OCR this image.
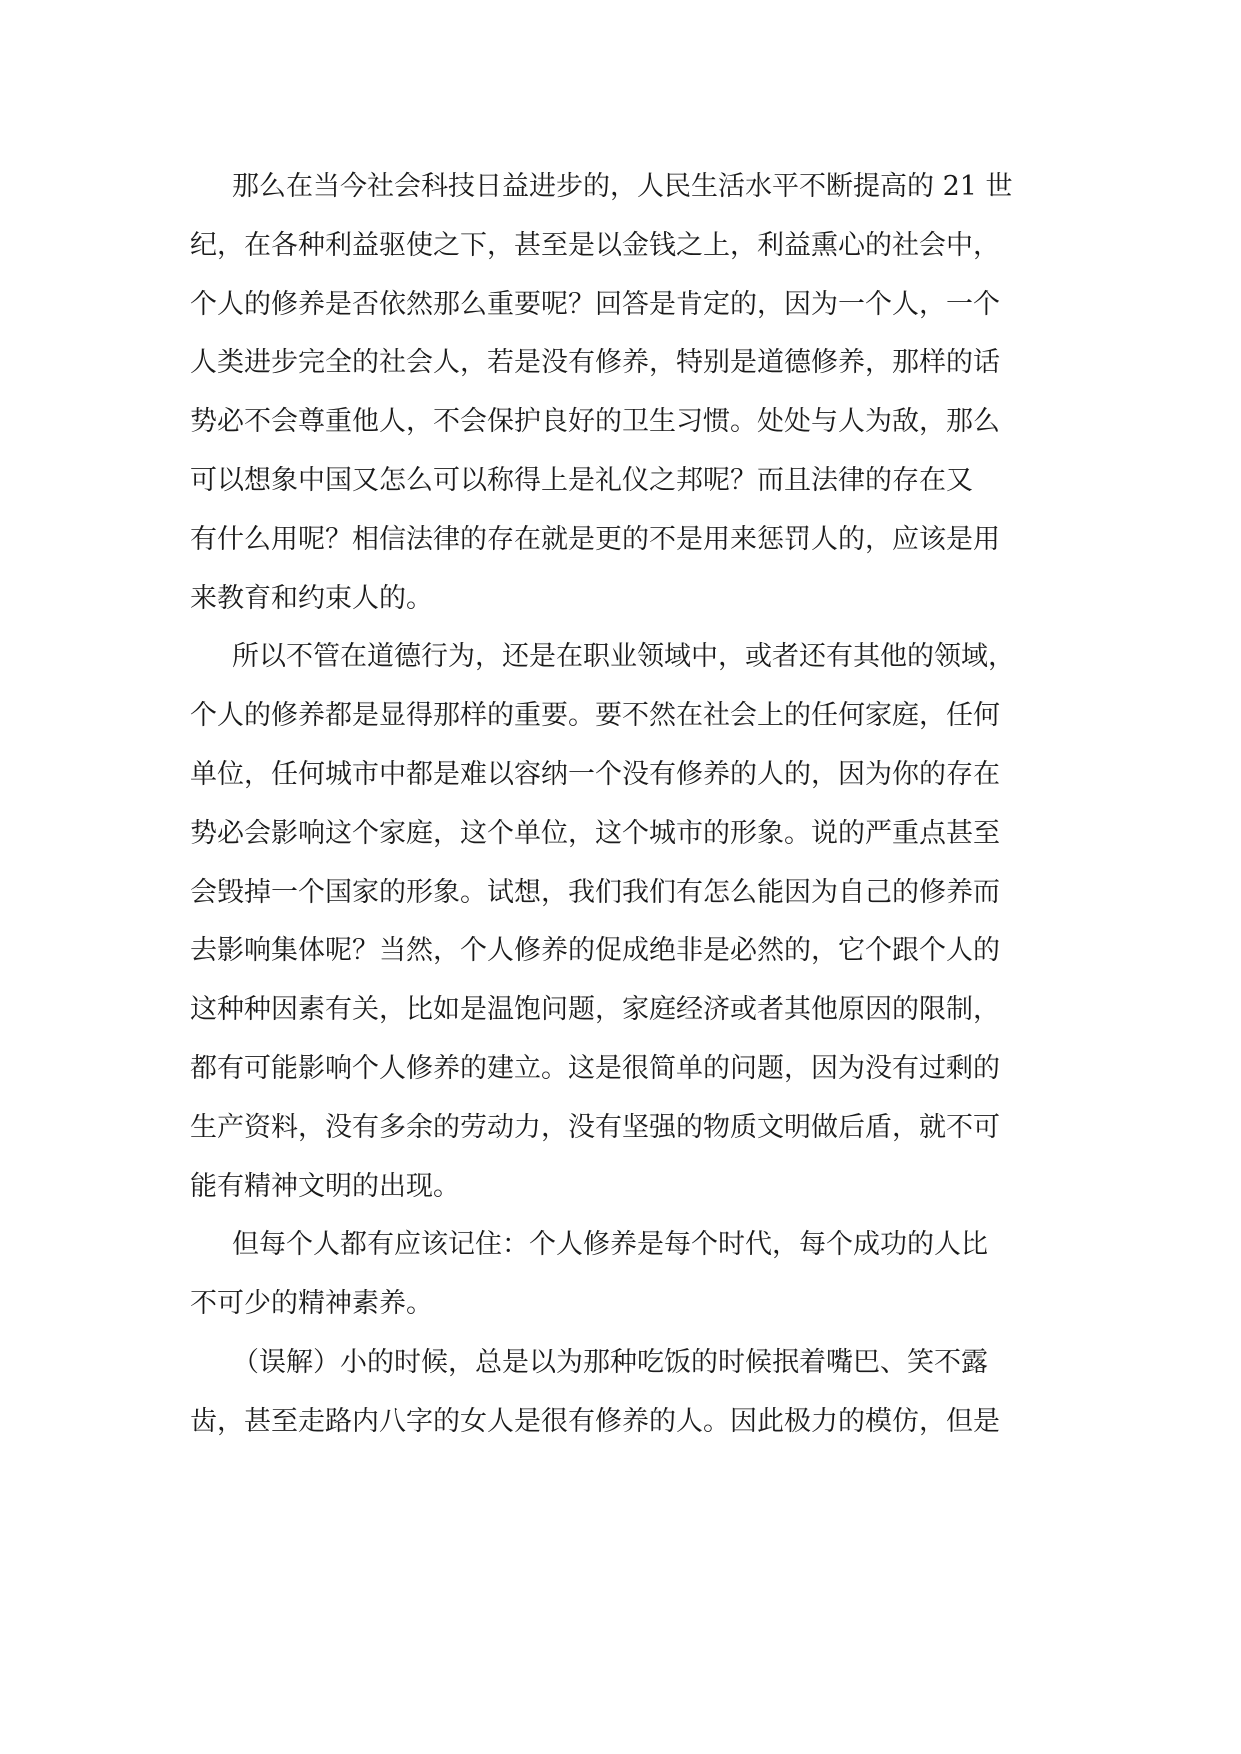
那么在当今社会科技日益进步的，人民生活水平不断提高的 21 世
纪，在各种利益驱使之下，甚至是以金钱之上，利益熏心的社会中，
个人的修养是否依然那么重要呢？回答是肯定的，因为一个人，一个
人类进步完全的社会人，若是没有修养，特别是道德修养，那样的话
势必不会尊重他人，不会保护良好的卫生习惯。处处与人为敌，那么
可以想象中国又怎么可以称得上是礼仪之邦呢？而且法律的存在又
有什么用呢？相信法律的存在就是更的不是用来惩罚人的，应该是用
来教育和约束人的。
所以不管在道德行为，还是在职业领域中，或者还有其他的领域，
个人的修养都是显得那样的重要。要不然在社会上的任何家庭，任何
单位，任何城市中都是难以容纳一个没有修养的人的，因为你的存在
势必会影响这个家庭，这个单位，这个城市的形象。说的严重点甚至
会毁掉一个国家的形象。试想，我们我们有怎么能因为自己的修养而
去影响集体呢？当然，个人修养的促成绝非是必然的，它个跟个人的
这种种因素有关，比如是温饱问题，家庭经济或者其他原因的限制，
都有可能影响个人修养的建立。这是很简单的问题，因为没有过剩的
生产资料，没有多余的劳动力，没有坚强的物质文明做后盾，就不可
能有精神文明的出现。
但每个人都有应该记住：个人修养是每个时代，每个成功的人比
不可少的精神素养。
（误解）小的时候，总是以为那种吃饭的时候抿着嘴巴、笑不露
齿，甚至走路内八字的女人是很有修养的人。因此极力的模仿，但是
